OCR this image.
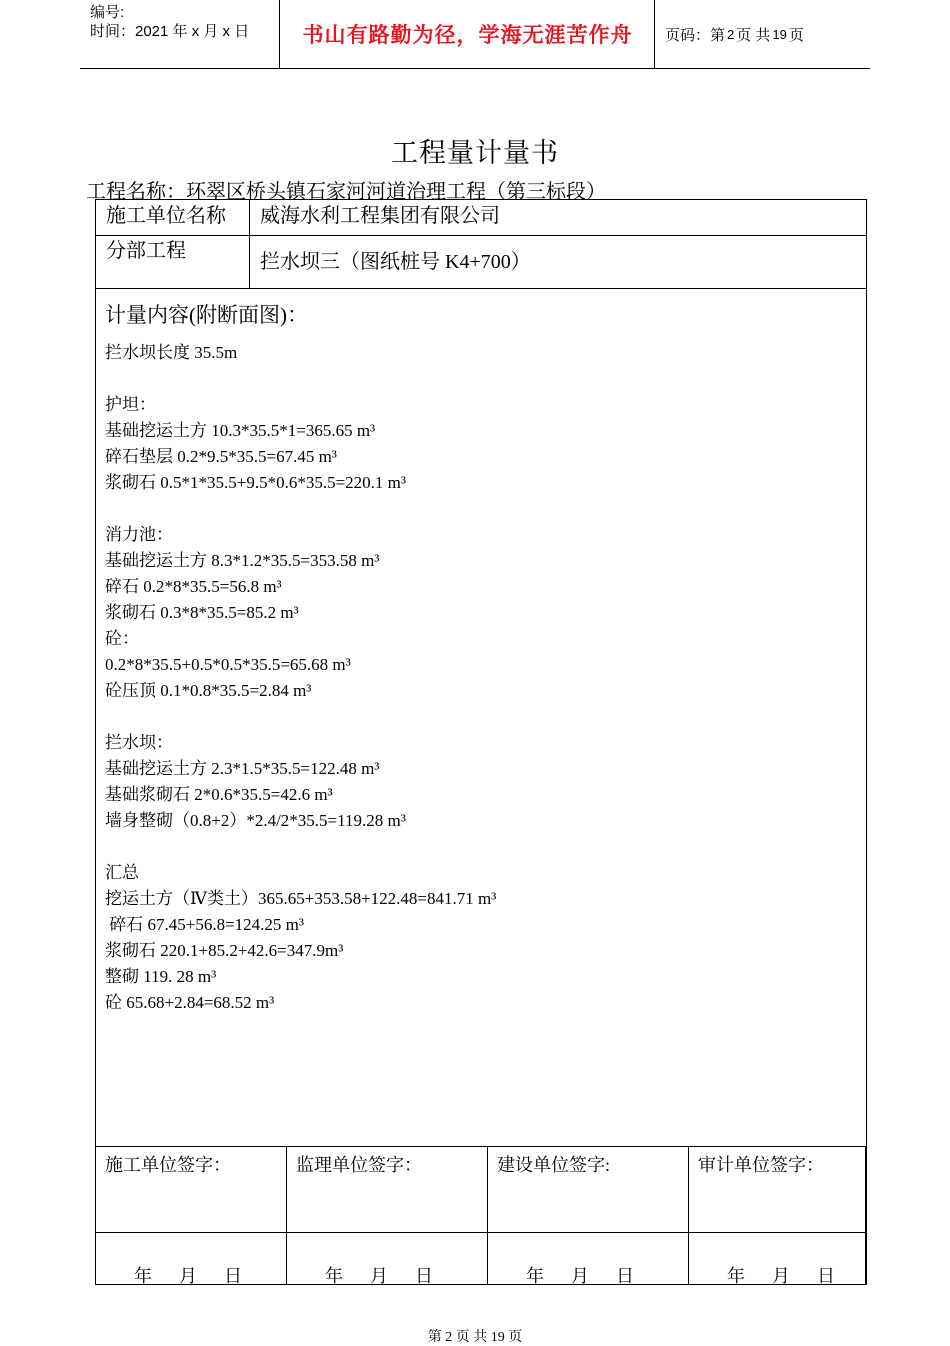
编号:
时间：2021 年 x 月 x 日	书山有路勤为径，学海无涯苦作舟	页码：第 2 页 共 19 页
工程量计量书
工程名称：环翠区桥头镇石家河河道治理工程（第三标段）
施工单位名称	威海水利工程集团有限公司
分部工程	拦水坝三（图纸桩号 K4+700）
计量内容(附断面图)：
拦水坝长度 35.5m
护坦：
基础挖运土方 10.3*35.5*1=365.65 m³
碎石垫层 0.2*9.5*35.5=67.45 m³
浆砌石 0.5*1*35.5+9.5*0.6*35.5=220.1 m³
消力池：
基础挖运土方 8.3*1.2*35.5=353.58 m³
碎石 0.2*8*35.5=56.8 m³
浆砌石 0.3*8*35.5=85.2 m³
砼：
0.2*8*35.5+0.5*0.5*35.5=65.68 m³
砼压顶 0.1*0.8*35.5=2.84 m³
拦水坝：
基础挖运土方 2.3*1.5*35.5=122.48 m³
基础浆砌石 2*0.6*35.5=42.6 m³
墙身整砌（0.8+2）*2.4/2*35.5=119.28 m³
汇总
挖运土方（Ⅳ类土）365.65+353.58+122.48=841.71 m³
碎石 67.45+56.8=124.25 m³
浆砌石 220.1+85.2+42.6=347.9m³
整砌 119. 28 m³
砼 65.68+2.84=68.52 m³
施工单位签字：
年      月      日
监理单位签字：
年      月      日
建设单位签字:
年      月      日
审计单位签字：
年      月      日
第 2 页 共 19 页
